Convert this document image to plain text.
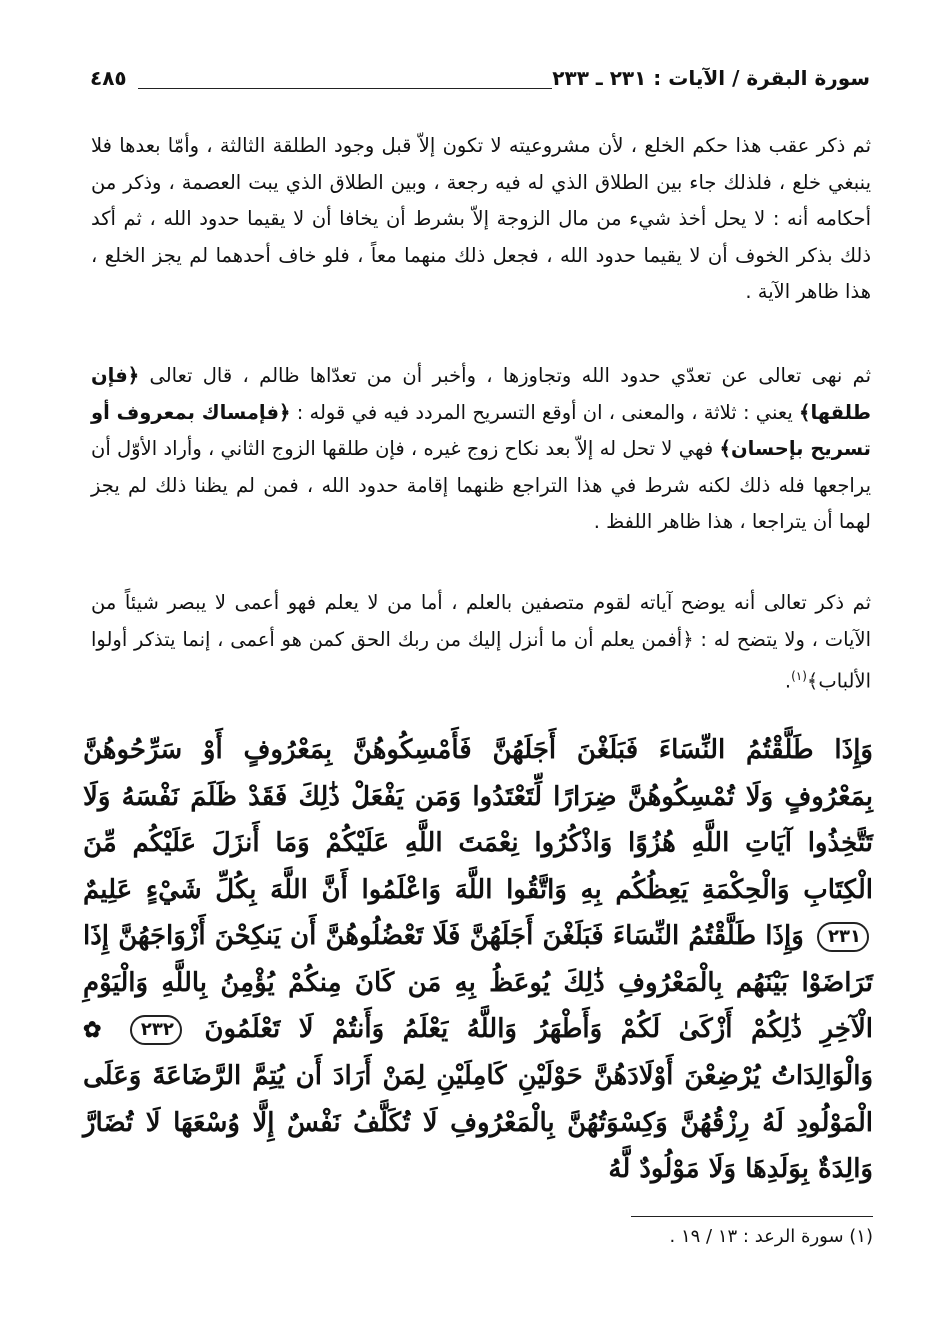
سورة البقرة / الآيات : ٢٣١ ـ ٢٣٣
٤٨٥

ثم ذكر عقب هذا حكم الخلع ، لأن مشروعيته لا تكون إلاّ قبل وجود الطلقة الثالثة ، وأمّا بعدها فلا ينبغي خلع ، فلذلك جاء بين الطلاق الذي له فيه رجعة ، وبين الطلاق الذي يبت العصمة ، وذكر من أحكامه أنه : لا يحل أخذ شيء من مال الزوجة إلاّ بشرط أن يخافا أن لا يقيما حدود الله ، ثم أكد ذلك بذكر الخوف أن لا يقيما حدود الله ، فجعل ذلك منهما معاً ، فلو خاف أحدهما لم يجز الخلع ، هذا ظاهر الآية .

ثم نهى تعالى عن تعدّي حدود الله وتجاوزها ، وأخبر أن من تعدّاها ظالم ، قال تعالى ﴿فإن طلقها﴾ يعني : ثلاثة ، والمعنى ، ان أوقع التسريح المردد فيه في قوله : ﴿فإمساك بمعروف أو تسريح بإحسان﴾ فهي لا تحل له إلاّ بعد نكاح زوج غيره ، فإن طلقها الزوج الثاني ، وأراد الأوّل أن يراجعها فله ذلك لكنه شرط في هذا التراجع ظنهما إقامة حدود الله ، فمن لم يظنا ذلك لم يجز لهما أن يتراجعا ، هذا ظاهر اللفظ .

ثم ذكر تعالى أنه يوضح آياته لقوم متصفين بالعلم ، أما من لا يعلم فهو أعمى لا يبصر شيئاً من الآيات ، ولا يتضح له : ﴿أفمن يعلم أن ما أنزل إليك من ربك الحق كمن هو أعمى ، إنما يتذكر أولوا الألباب﴾$^{(١)}$.

وَإِذَا طَلَّقْتُمُ النِّسَاءَ فَبَلَغْنَ أَجَلَهُنَّ فَأَمْسِكُوهُنَّ بِمَعْرُوفٍ أَوْ سَرِّحُوهُنَّ بِمَعْرُوفٍ وَلَا تُمْسِكُوهُنَّ ضِرَارًا لِّتَعْتَدُوا وَمَن يَفْعَلْ ذَٰلِكَ فَقَدْ ظَلَمَ نَفْسَهُ وَلَا تَتَّخِذُوا آيَاتِ اللَّهِ هُزُوًا وَاذْكُرُوا نِعْمَتَ اللَّهِ عَلَيْكُمْ وَمَا أَنزَلَ عَلَيْكُم مِّنَ الْكِتَابِ وَالْحِكْمَةِ يَعِظُكُم بِهِ وَاتَّقُوا اللَّهَ وَاعْلَمُوا أَنَّ اللَّهَ بِكُلِّ شَيْءٍ عَلِيمٌ ٢٣١ وَإِذَا طَلَّقْتُمُ النِّسَاءَ فَبَلَغْنَ أَجَلَهُنَّ فَلَا تَعْضُلُوهُنَّ أَن يَنكِحْنَ أَزْوَاجَهُنَّ إِذَا تَرَاضَوْا بَيْنَهُم بِالْمَعْرُوفِ ذَٰلِكَ يُوعَظُ بِهِ مَن كَانَ مِنكُمْ يُؤْمِنُ بِاللَّهِ وَالْيَوْمِ الْآخِرِ ذَٰلِكُمْ أَزْكَىٰ لَكُمْ وَأَطْهَرُ وَاللَّهُ يَعْلَمُ وَأَنتُمْ لَا تَعْلَمُونَ ٢٣٢ ✿ وَالْوَالِدَاتُ يُرْضِعْنَ أَوْلَادَهُنَّ حَوْلَيْنِ كَامِلَيْنِ لِمَنْ أَرَادَ أَن يُتِمَّ الرَّضَاعَةَ وَعَلَى الْمَوْلُودِ لَهُ رِزْقُهُنَّ وَكِسْوَتُهُنَّ بِالْمَعْرُوفِ لَا تُكَلَّفُ نَفْسٌ إِلَّا وُسْعَهَا لَا تُضَارَّ وَالِدَةٌ بِوَلَدِهَا وَلَا مَوْلُودٌ لَّهُ

(١) سورة الرعد : ١٣ / ١٩ .
